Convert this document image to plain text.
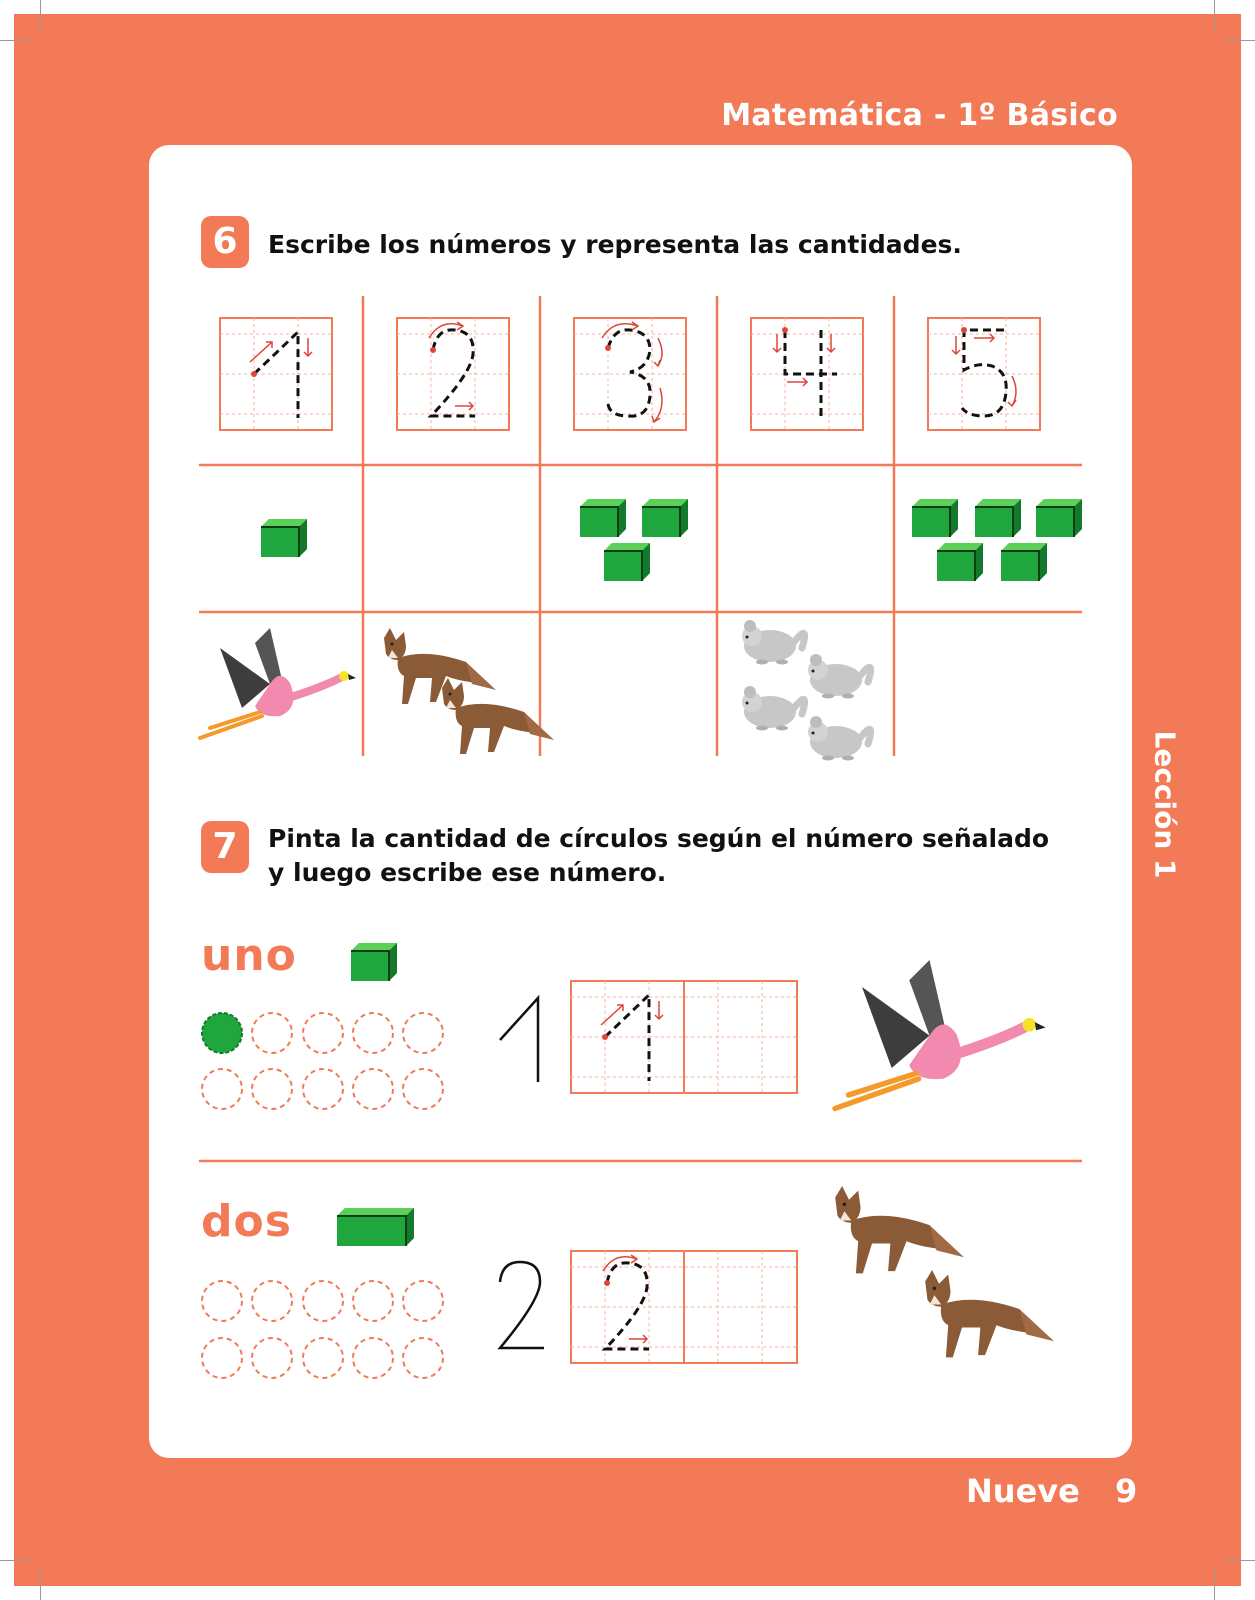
Matemática - 1º Básico
Lección 1
6	Escribe los números y representa las cantidades.
7	Pinta la cantidad de círculos según el número señalado
y luego escribe ese número.
uno
dos
Nueve 9
